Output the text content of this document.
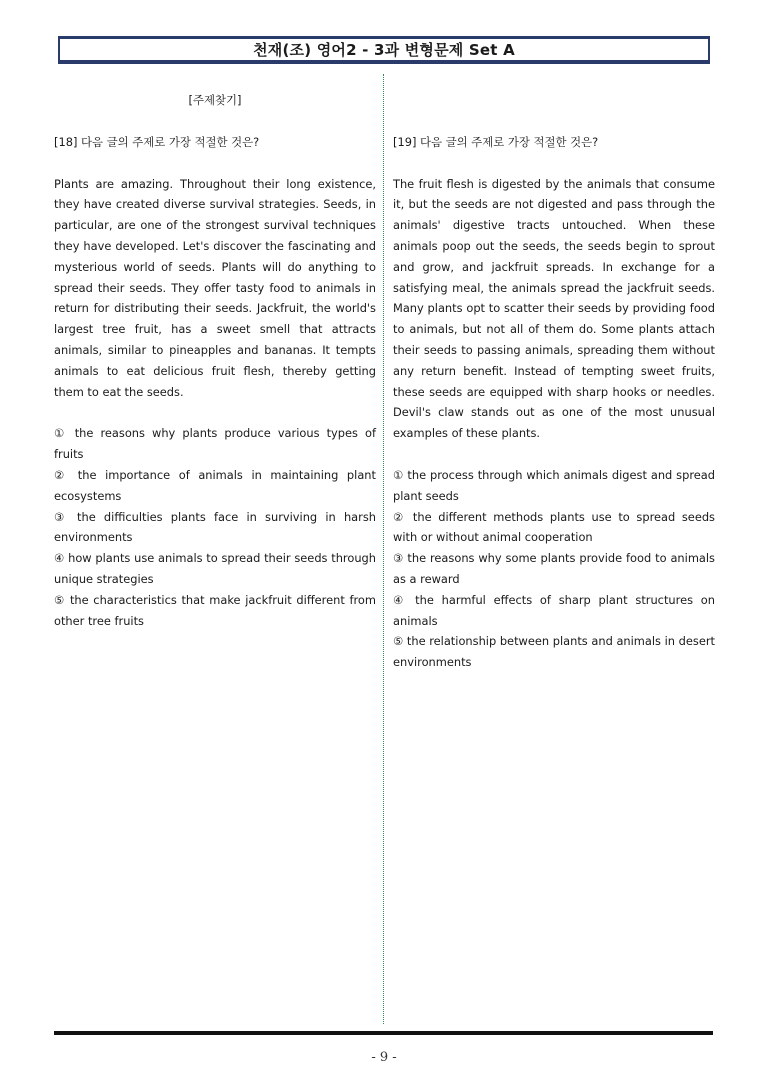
천재(조) 영어2 - 3과 변형문제 Set A
[주제찾기]
[18] 다음 글의 주제로 가장 적절한 것은?
Plants are amazing. Throughout their long existence, they have created diverse survival strategies. Seeds, in particular, are one of the strongest survival techniques they have developed. Let's discover the fascinating and mysterious world of seeds. Plants will do anything to spread their seeds. They offer tasty food to animals in return for distributing their seeds. Jackfruit, the world's largest tree fruit, has a sweet smell that attracts animals, similar to pineapples and bananas. It tempts animals to eat delicious fruit flesh, thereby getting them to eat the seeds.
① the reasons why plants produce various types of fruits
② the importance of animals in maintaining plant ecosystems
③ the difficulties plants face in surviving in harsh environments
④ how plants use animals to spread their seeds through unique strategies
⑤ the characteristics that make jackfruit different from other tree fruits
[19] 다음 글의 주제로 가장 적절한 것은?
The fruit flesh is digested by the animals that consume it, but the seeds are not digested and pass through the animals' digestive tracts untouched. When these animals poop out the seeds, the seeds begin to sprout and grow, and jackfruit spreads. In exchange for a satisfying meal, the animals spread the jackfruit seeds. Many plants opt to scatter their seeds by providing food to animals, but not all of them do. Some plants attach their seeds to passing animals, spreading them without any return benefit. Instead of tempting sweet fruits, these seeds are equipped with sharp hooks or needles. Devil's claw stands out as one of the most unusual examples of these plants.
① the process through which animals digest and spread plant seeds
② the different methods plants use to spread seeds with or without animal cooperation
③ the reasons why some plants provide food to animals as a reward
④ the harmful effects of sharp plant structures on animals
⑤ the relationship between plants and animals in desert environments
- 9 -
